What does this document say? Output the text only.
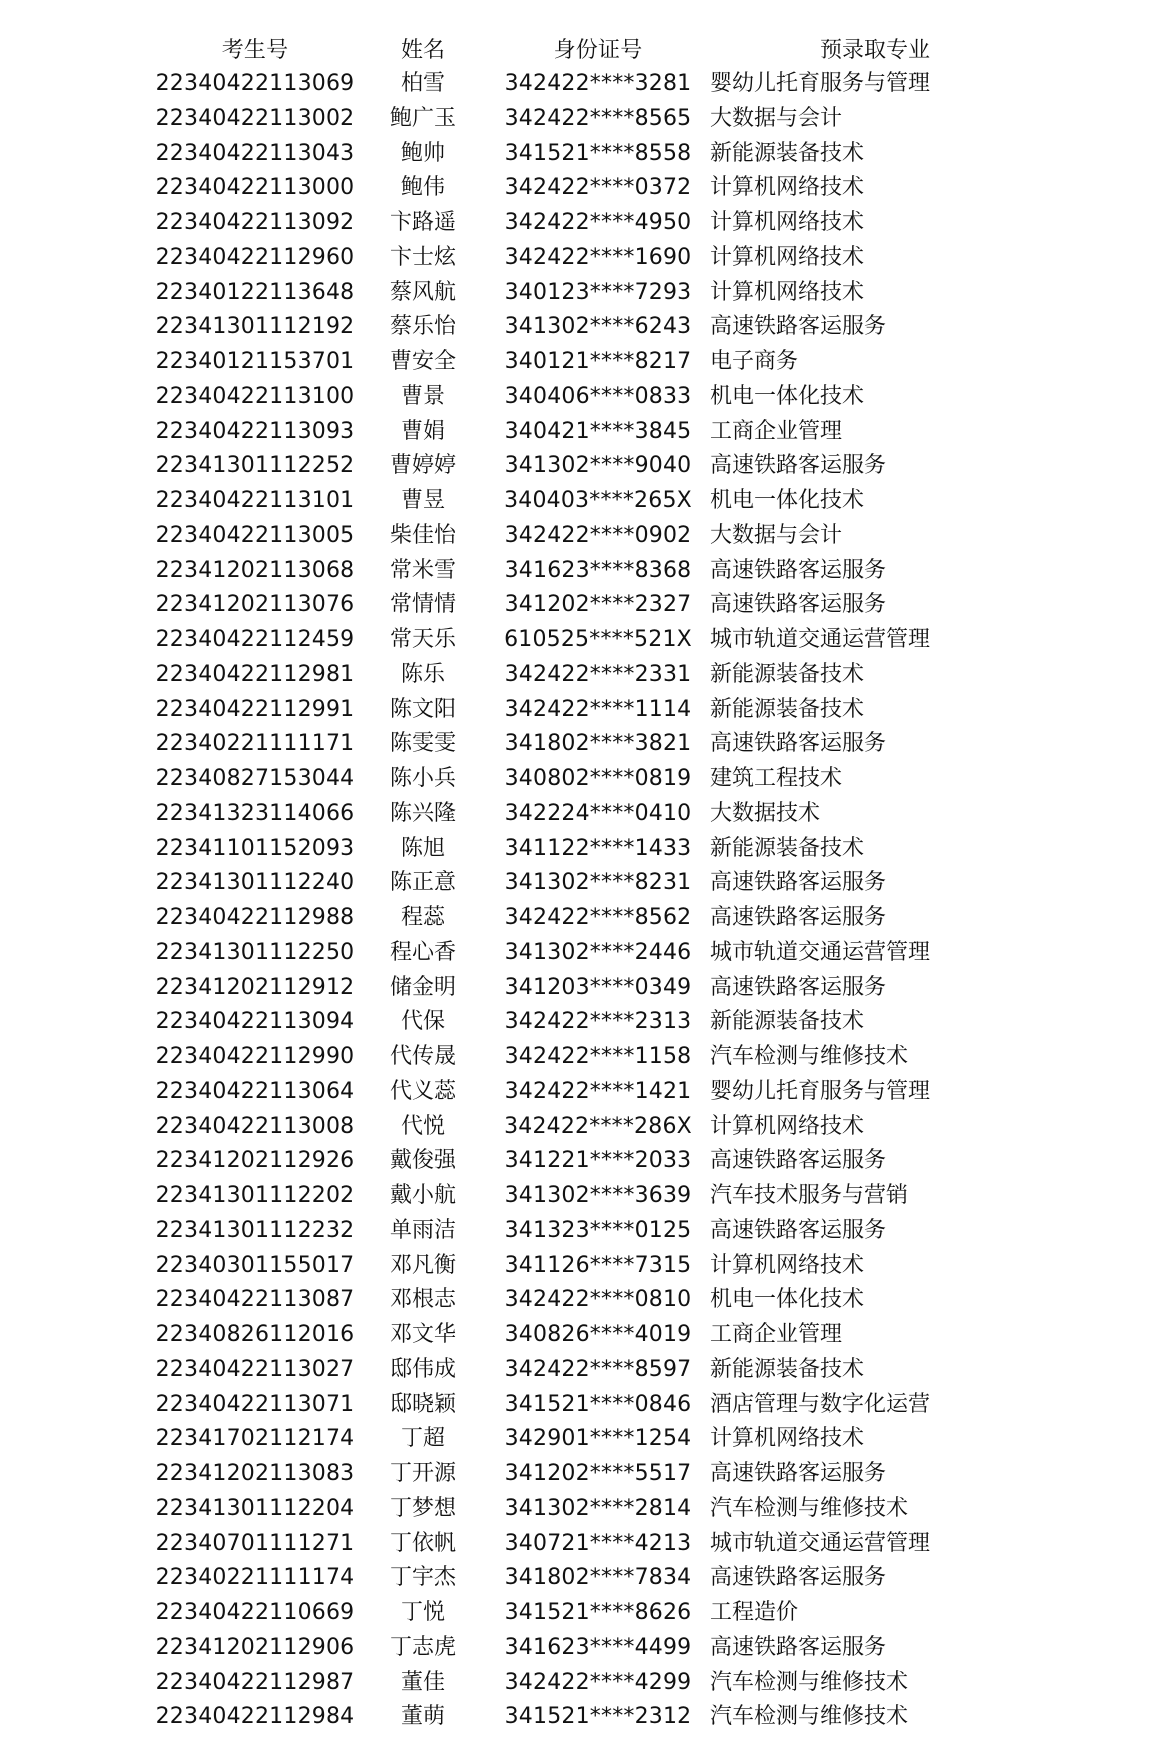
考生号	姓名	身份证号	预录取专业
22340422113069	柏雪	342422****3281 婴幼儿托育服务与管理
22340422113002	鲍广玉	342422****8565 大数据与会计
22340422113043	鲍帅	341521****8558 新能源装备技术
22340422113000	鲍伟	342422****0372 计算机网络技术
22340422113092	卞路遥	342422****4950 计算机网络技术
22340422112960	卞士炫	342422****1690 计算机网络技术
22340122113648	蔡风航	340123****7293 计算机网络技术
22341301112192	蔡乐怡	341302****6243 高速铁路客运服务
22340121153701	曹安全	340121****8217 电子商务
22340422113100	曹景	340406****0833 机电一体化技术
22340422113093	曹娟	340421****3845 工商企业管理
22341301112252	曹婷婷	341302****9040 高速铁路客运服务
22340422113101	曹昱	340403****265X 机电一体化技术
22340422113005	柴佳怡	342422****0902 大数据与会计
22341202113068	常米雪	341623****8368 高速铁路客运服务
22341202113076	常情情	341202****2327 高速铁路客运服务
22340422112459	常天乐	610525****521X 城市轨道交通运营管理
22340422112981	陈乐	342422****2331 新能源装备技术
22340422112991	陈文阳	342422****1114 新能源装备技术
22340221111171	陈雯雯	341802****3821 高速铁路客运服务
22340827153044	陈小兵	340802****0819 建筑工程技术
22341323114066	陈兴隆	342224****0410 大数据技术
22341101152093	陈旭	341122****1433 新能源装备技术
22341301112240	陈正意	341302****8231 高速铁路客运服务
22340422112988	程蕊	342422****8562 高速铁路客运服务
22341301112250	程心香	341302****2446 城市轨道交通运营管理
22341202112912	储金明	341203****0349 高速铁路客运服务
22340422113094	代保	342422****2313 新能源装备技术
22340422112990	代传晟	342422****1158 汽车检测与维修技术
22340422113064	代义蕊	342422****1421 婴幼儿托育服务与管理
22340422113008	代悦	342422****286X 计算机网络技术
22341202112926	戴俊强	341221****2033 高速铁路客运服务
22341301112202	戴小航	341302****3639 汽车技术服务与营销
22341301112232	单雨洁	341323****0125 高速铁路客运服务
22340301155017	邓凡衡	341126****7315 计算机网络技术
22340422113087	邓根志	342422****0810 机电一体化技术
22340826112016	邓文华	340826****4019 工商企业管理
22340422113027	邸伟成	342422****8597 新能源装备技术
22340422113071	邸晓颖	341521****0846 酒店管理与数字化运营
22341702112174	丁超	342901****1254 计算机网络技术
22341202113083	丁开源	341202****5517 高速铁路客运服务
22341301112204	丁梦想	341302****2814 汽车检测与维修技术
22340701111271	丁依帆	340721****4213 城市轨道交通运营管理
22340221111174	丁宇杰	341802****7834 高速铁路客运服务
22340422110669	丁悦	341521****8626 工程造价
22341202112906	丁志虎	341623****4499 高速铁路客运服务
22340422112987	董佳	342422****4299 汽车检测与维修技术
22340422112984	董萌	341521****2312 汽车检测与维修技术
